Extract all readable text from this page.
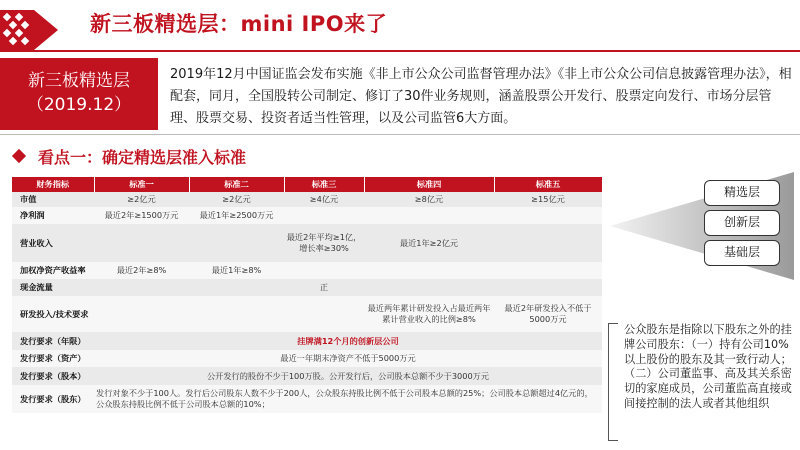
新三板精选层：mini IPO来了
新三板精选层
（2019.12）
2019年12月中国证监会发布实施《非上市公众公司监督管理办法》《非上市公众公司信息披露管理办法》，相配套，同月，全国股转公司制定、修订了30件业务规则，涵盖股票公开发行、股票定向发行、市场分层管理、股票交易、投资者适当性管理，以及公司监管6大方面。
看点一：确定精选层准入标准
财务指标	标准一	标准二	标准三	标准四	标准五
市值	≥2亿元	≥2亿元	≥4亿元	≥8亿元	≥15亿元
净利润	最近2年≥1500万元	最近1年≥2500万元			
营业收入			最近2年平均≥1亿，增长率≥30%	最近1年≥2亿元	
加权净资产收益率	最近2年≥8%	最近1年≥8%			
现金流量			正		
研发投入/技术要求				最近两年累计研发投入占最近两年累计营业收入的比例≥8%	最近2年研发投入不低于5000万元
发行要求（年限）	挂牌满12个月的创新层公司				
发行要求（资产）	最近一年期末净资产不低于5000万元				
发行要求（股本）	公开发行的股份不少于100万股。公开发行后，公司股本总额不少于3000万元				
发行要求（股东）	发行对象不少于100人。发行后公司股东人数不少于200人，公众股东持股比例不低于公司股本总额的25%；公司股本总额超过4亿元的，公众股东持股比例不低于公司股本总额的10%；				
精选层
创新层
基础层
公众股东是指除以下股东之外的挂牌公司股东：（一）持有公司10%以上股份的股东及其一致行动人；（二）公司董监事、高及其关系密切的家庭成员，公司董监高直接或间接控制的法人或者其他组织
